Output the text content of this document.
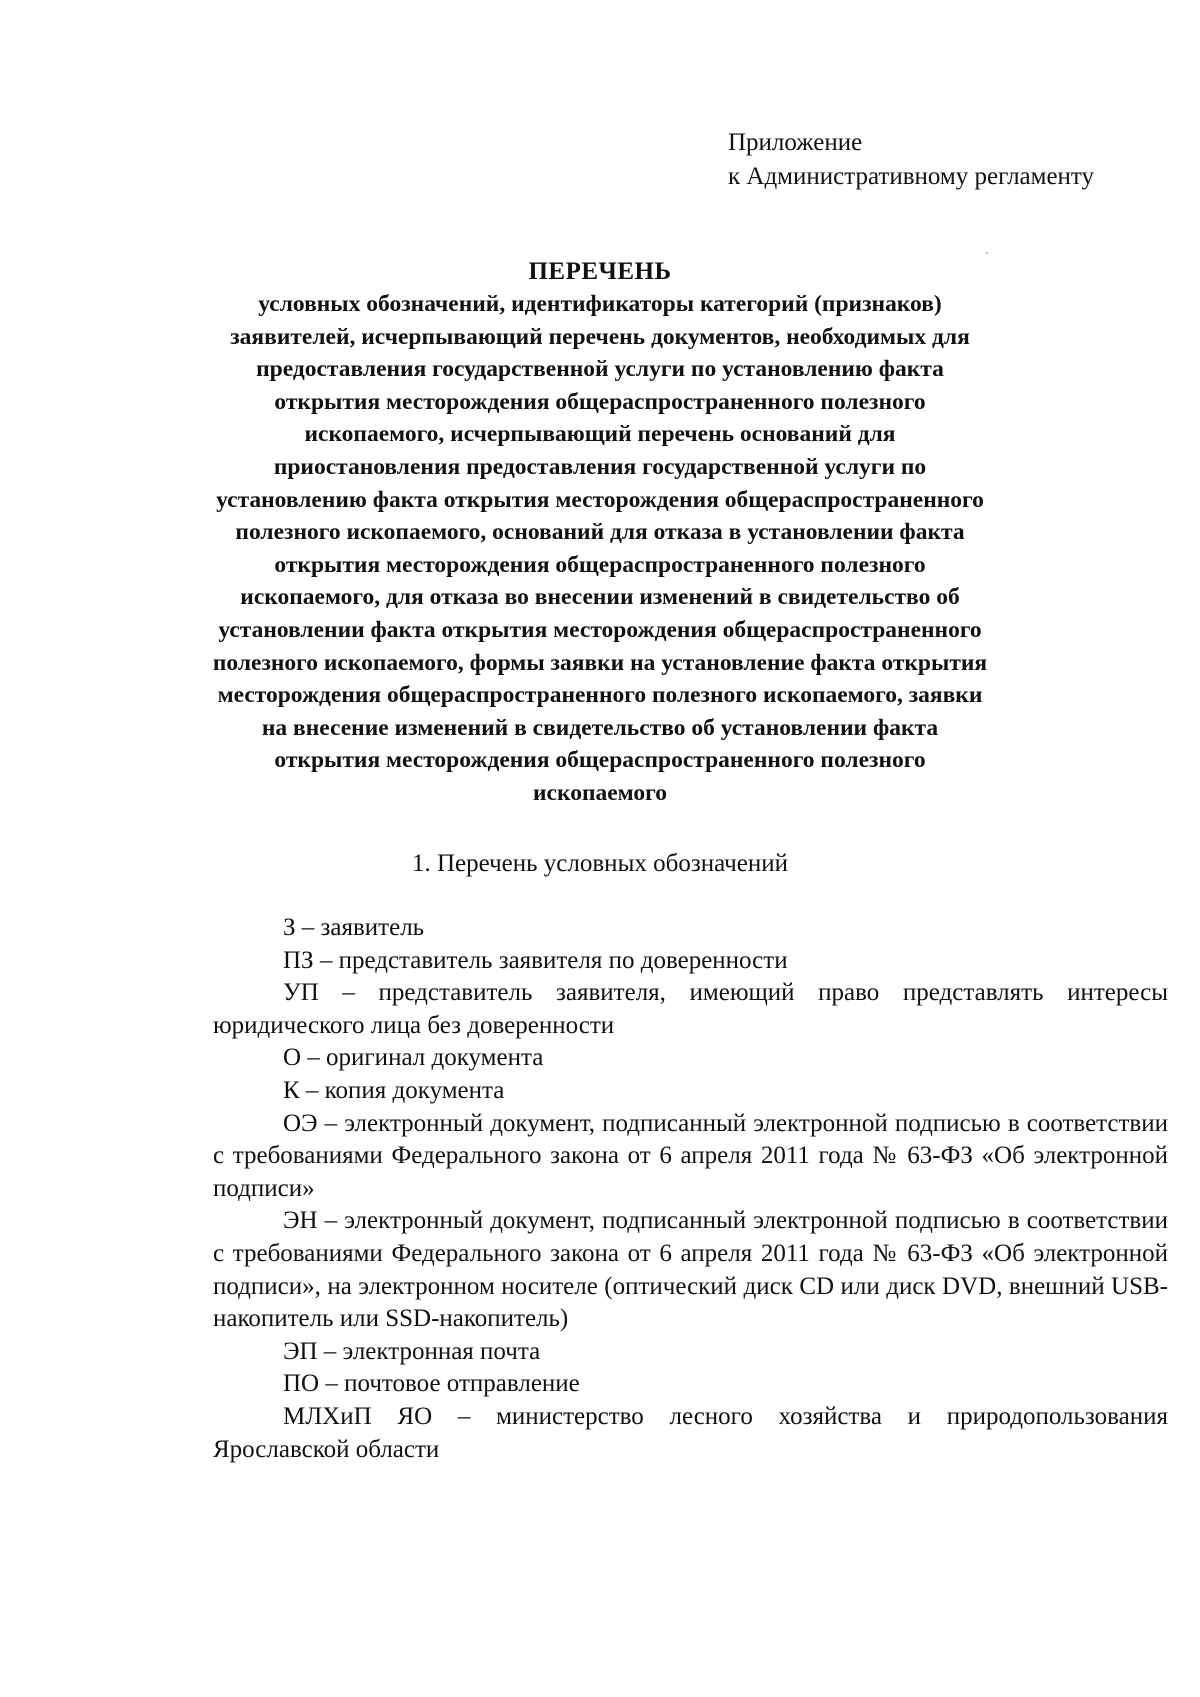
Приложение
к Административному регламенту
ПЕРЕЧЕНЬ
условных обозначений, идентификаторы категорий (признаков)
заявителей, исчерпывающий перечень документов, необходимых для
предоставления государственной услуги по установлению факта
открытия месторождения общераспространенного полезного
ископаемого, исчерпывающий перечень оснований для
приостановления предоставления государственной услуги по
установлению факта открытия месторождения общераспространенного
полезного ископаемого, оснований для отказа в установлении факта
открытия месторождения общераспространенного полезного
ископаемого, для отказа во внесении изменений в свидетельство об
установлении факта открытия месторождения общераспространенного
полезного ископаемого, формы заявки на установление факта открытия
месторождения общераспространенного полезного ископаемого, заявки
на внесение изменений в свидетельство об установлении факта
открытия месторождения общераспространенного полезного
ископаемого
1. Перечень условных обозначений
З – заявитель
ПЗ – представитель заявителя по доверенности
УП – представитель заявителя, имеющий право представлять интересы юридического лица без доверенности
О – оригинал документа
К – копия документа
ОЭ – электронный документ, подписанный электронной подписью в соответствии с требованиями Федерального закона от 6 апреля 2011 года № 63-ФЗ «Об электронной подписи»
ЭН – электронный документ, подписанный электронной подписью в соответствии с требованиями Федерального закона от 6 апреля 2011 года № 63-ФЗ «Об электронной подписи», на электронном носителе (оптический диск CD или диск DVD, внешний USB-накопитель или SSD-накопитель)
ЭП – электронная почта
ПО – почтовое отправление
МЛХиП ЯО – министерство лесного хозяйства и природопользования Ярославской области
